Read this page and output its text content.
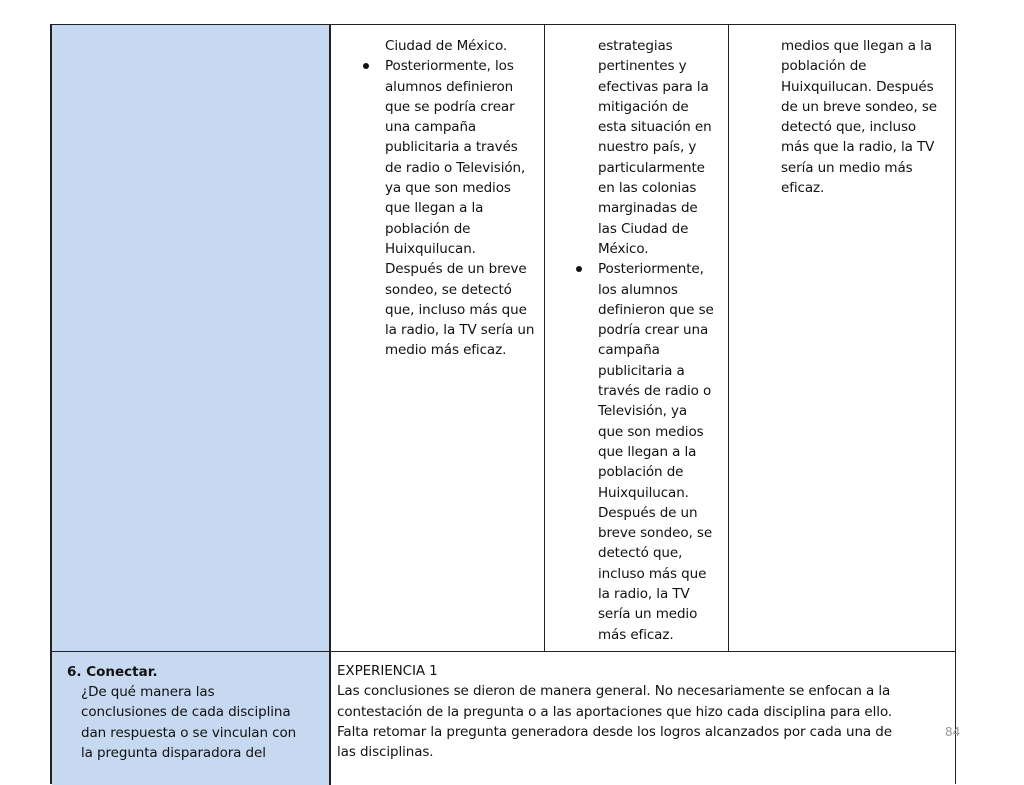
Ciudad de México.
Posteriormente, los
alumnos definieron
que se podría crear
una campaña
publicitaria a través
de radio o Televisión,
ya que son medios
que llegan a la
población de
Huixquilucan.
Después de un breve
sondeo, se detectó
que, incluso más que
la radio, la TV sería un
medio más eficaz.
estrategias
pertinentes y
efectivas para la
mitigación de
esta situación en
nuestro país, y
particularmente
en las colonias
marginadas de
las Ciudad de
México.
Posteriormente,
los alumnos
definieron que se
podría crear una
campaña
publicitaria a
través de radio o
Televisión, ya
que son medios
que llegan a la
población de
Huixquilucan.
Después de un
breve sondeo, se
detectó que,
incluso más que
la radio, la TV
sería un medio
más eficaz.
medios que llegan a la
población de
Huixquilucan. Después
de un breve sondeo, se
detectó que, incluso
más que la radio, la TV
sería un medio más
eficaz.
6. Conectar.
¿De qué manera las
conclusiones de cada disciplina
dan respuesta o se vinculan con
la pregunta disparadora del
EXPERIENCIA 1
Las conclusiones se dieron de manera general. No necesariamente se enfocan a la
contestación de la pregunta o a las aportaciones que hizo cada disciplina para ello.
Falta retomar la pregunta generadora desde los logros alcanzados por cada una de
las disciplinas.
84
